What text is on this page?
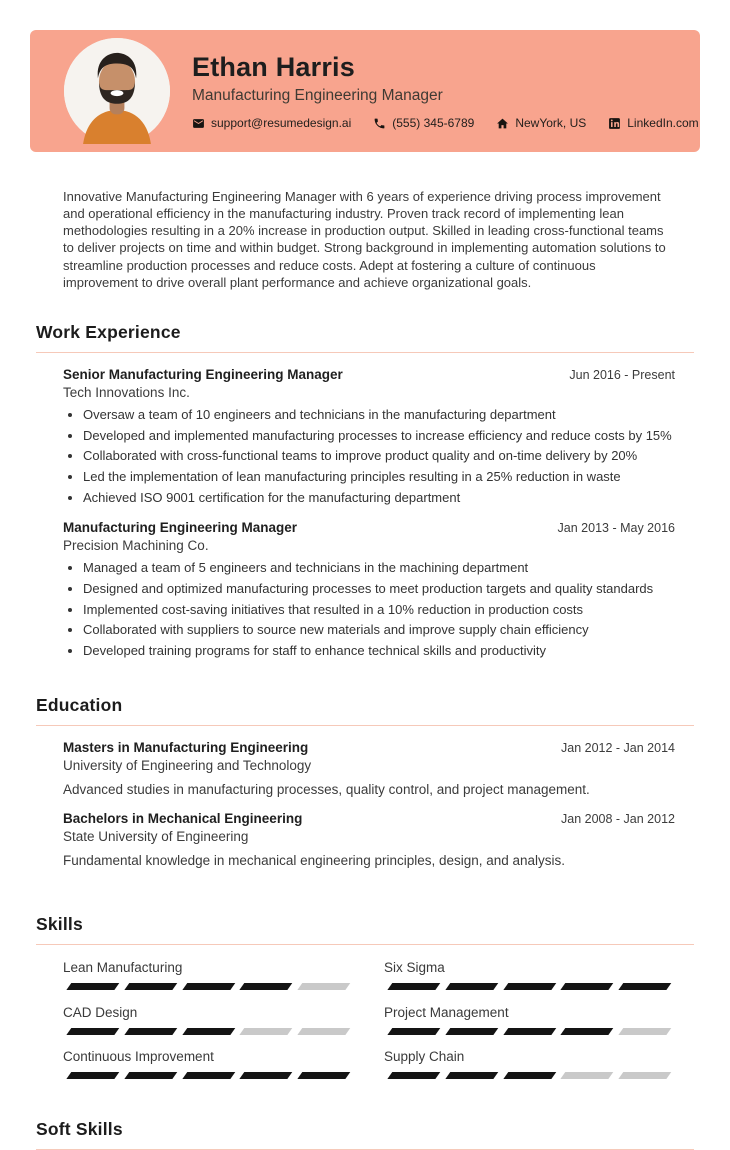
Ethan Harris
Manufacturing Engineering Manager
support@resumedesign.ai	(555) 345-6789	NewYork, US	LinkedIn.com

Innovative Manufacturing Engineering Manager with 6 years of experience driving process improvement and operational efficiency in the manufacturing industry. Proven track record of implementing lean methodologies resulting in a 20% increase in production output. Skilled in leading cross-functional teams to deliver projects on time and within budget. Strong background in implementing automation solutions to streamline production processes and reduce costs. Adept at fostering a culture of continuous improvement to drive overall plant performance and achieve organizational goals.

Work Experience
Senior Manufacturing Engineering Manager	Jun 2016 - Present
Tech Innovations Inc.
• Oversaw a team of 10 engineers and technicians in the manufacturing department
• Developed and implemented manufacturing processes to increase efficiency and reduce costs by 15%
• Collaborated with cross-functional teams to improve product quality and on-time delivery by 20%
• Led the implementation of lean manufacturing principles resulting in a 25% reduction in waste
• Achieved ISO 9001 certification for the manufacturing department
Manufacturing Engineering Manager	Jan 2013 - May 2016
Precision Machining Co.
• Managed a team of 5 engineers and technicians in the machining department
• Designed and optimized manufacturing processes to meet production targets and quality standards
• Implemented cost-saving initiatives that resulted in a 10% reduction in production costs
• Collaborated with suppliers to source new materials and improve supply chain efficiency
• Developed training programs for staff to enhance technical skills and productivity
Education
Masters in Manufacturing Engineering	Jan 2012 - Jan 2014
University of Engineering and Technology
Advanced studies in manufacturing processes, quality control, and project management.
Bachelors in Mechanical Engineering	Jan 2008 - Jan 2012
State University of Engineering
Fundamental knowledge in mechanical engineering principles, design, and analysis.
Skills
Lean Manufacturing	Six Sigma
CAD Design	Project Management
Continuous Improvement	Supply Chain
Soft Skills
